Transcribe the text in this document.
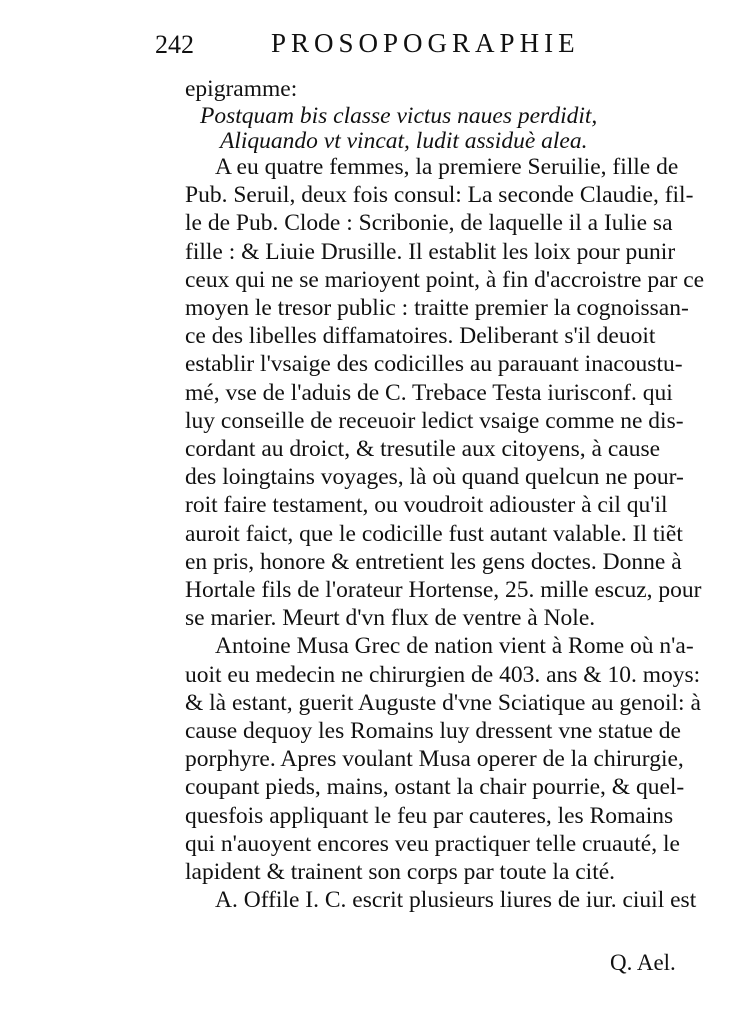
242	PROSOPOGRAPHIE
epigramme:
Postquam bis classe victus naues perdidit,
Aliquando vt vincat, ludit assiduè alea.
A eu quatre femmes, la premiere Seruilie, fille de
Pub. Seruil, deux fois consul: La seconde Claudie, fil-
le de Pub. Clode : Scribonie, de laquelle il a Iulie sa
fille : & Liuie Drusille. Il establit les loix pour punir
ceux qui ne se marioyent point, à fin d'accroistre par ce
moyen le tresor public : traitte premier la cognoissan-
ce des libelles diffamatoires. Deliberant s'il deuoit
establir l'vsaige des codicilles au parauant inacoustu-
mé, vse de l'aduis de C. Trebace Testa iurisconf. qui
luy conseille de receuoir ledict vsaige comme ne dis-
cordant au droict, & tresutile aux citoyens, à cause
des loingtains voyages, là où quand quelcun ne pour-
roit faire testament, ou voudroit adiouster à cil qu'il
auroit faict, que le codicille fust autant valable. Il tiẽt
en pris, honore & entretient les gens doctes. Donne à
Hortale fils de l'orateur Hortense, 25. mille escuz, pour
se marier. Meurt d'vn flux de ventre à Nole.
Antoine Musa Grec de nation vient à Rome où n'a-
uoit eu medecin ne chirurgien de 403. ans & 10. moys:
& là estant, guerit Auguste d'vne Sciatique au genoil: à
cause dequoy les Romains luy dressent vne statue de
porphyre. Apres voulant Musa operer de la chirurgie,
coupant pieds, mains, ostant la chair pourrie, & quel-
quesfois appliquant le feu par cauteres, les Romains
qui n'auoyent encores veu practiquer telle cruauté, le
lapident & trainent son corps par toute la cité.
A. Offile I. C. escrit plusieurs liures de iur. ciuil est
Q. Ael.
